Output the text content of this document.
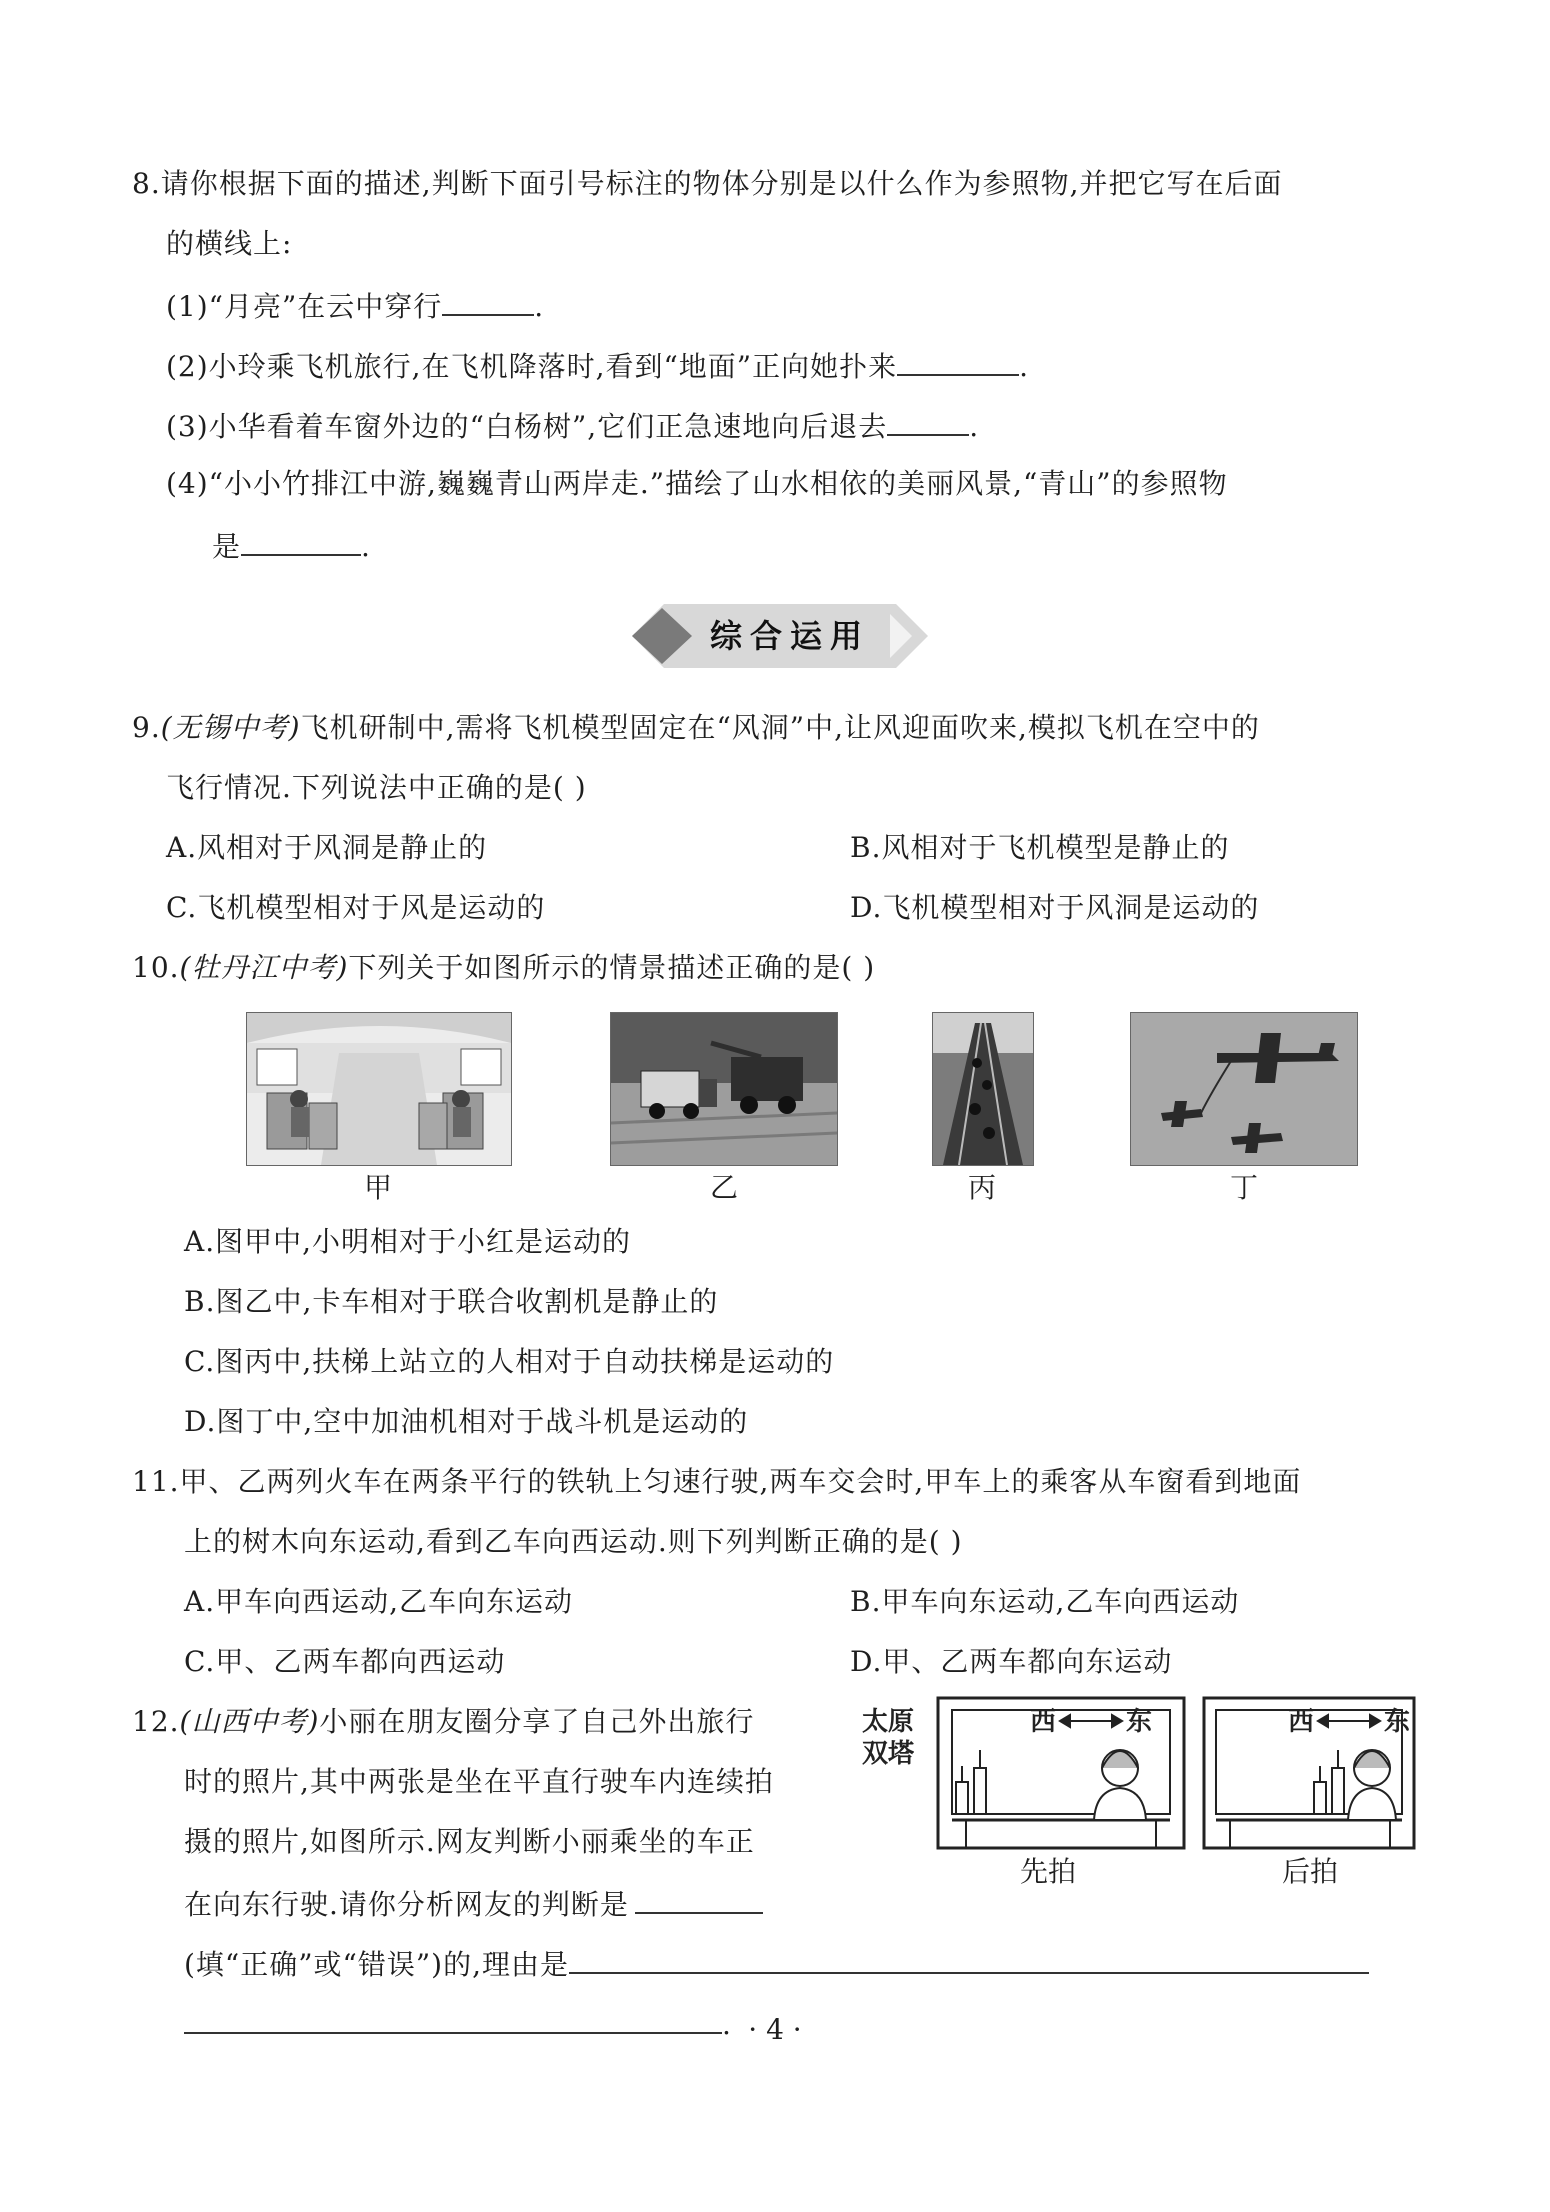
8.请你根据下面的描述,判断下面引号标注的物体分别是以什么作为参照物,并把它写在后面
的横线上:
(1)“月亮”在云中穿行	.
(2)小玲乘飞机旅行,在飞机降落时,看到“地面”正向她扑来	.
(3)小华看着车窗外边的“白杨树”,它们正急速地向后退去	.
(4)“小小竹排江中游,巍巍青山两岸走.”描绘了山水相依的美丽风景,“青山”的参照物
是	.
综合运用
9.(无锡中考)飞机研制中,需将飞机模型固定在“风洞”中,让风迎面吹来,模拟飞机在空中的
飞行情况.下列说法中正确的是( )
A.风相对于风洞是静止的	B.风相对于飞机模型是静止的
C.飞机模型相对于风是运动的	D.飞机模型相对于风洞是运动的
10.(牡丹江中考)下列关于如图所示的情景描述正确的是( )
甲	乙	丙	丁
A.图甲中,小明相对于小红是运动的
B.图乙中,卡车相对于联合收割机是静止的
C.图丙中,扶梯上站立的人相对于自动扶梯是运动的
D.图丁中,空中加油机相对于战斗机是运动的
11.甲、乙两列火车在两条平行的铁轨上匀速行驶,两车交会时,甲车上的乘客从车窗看到地面
上的树木向东运动,看到乙车向西运动.则下列判断正确的是( )
A.甲车向西运动,乙车向东运动	B.甲车向东运动,乙车向西运动
C.甲、乙两车都向西运动	D.甲、乙两车都向东运动
12.(山西中考)小丽在朋友圈分享了自己外出旅行
时的照片,其中两张是坐在平直行驶车内连续拍
摄的照片,如图所示.网友判断小丽乘坐的车正
在向东行驶.请你分析网友的判断是
(填“正确”或“错误”)的,理由是
.
太原
双塔
西	东
先拍
西	东
后拍
· 4 ·
